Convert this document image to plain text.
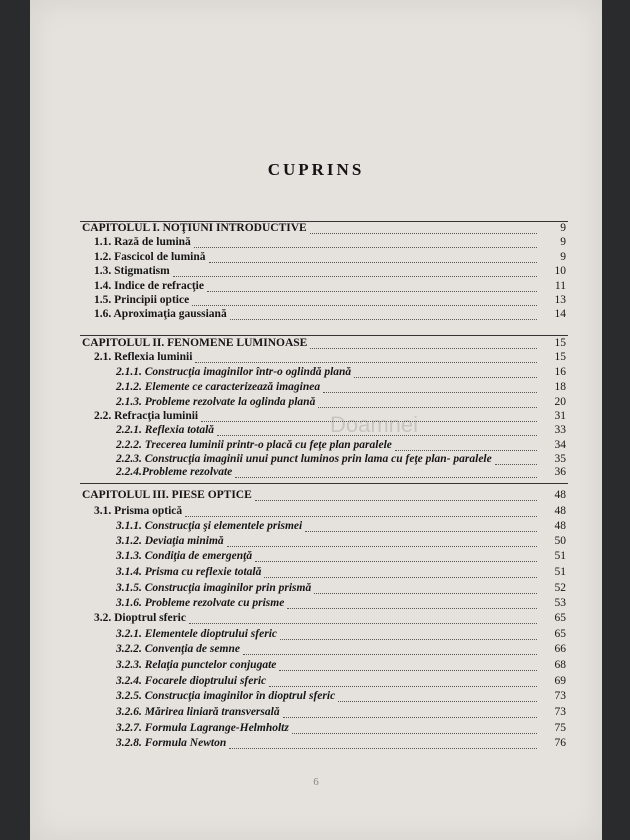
CUPRINS
Doamnei
CAPITOLUL I. NOŢIUNI INTRODUCTIVE	9
1.1. Rază de lumină	9
1.2. Fascicol de lumină	9
1.3. Stigmatism	10
1.4. Indice de refracţie	11
1.5. Principii optice	13
1.6. Aproximaţia gaussiană	14
CAPITOLUL II. FENOMENE LUMINOASE	15
2.1. Reflexia luminii	15
2.1.1. Construcţia imaginilor într-o oglindă plană	16
2.1.2. Elemente ce caracterizează imaginea	18
2.1.3. Probleme rezolvate la oglinda plană	20
2.2. Refracţia luminii	31
2.2.1. Reflexia totală	33
2.2.2. Trecerea luminii printr-o placă cu feţe plan paralele	34
2.2.3. Construcţia imaginii unui punct luminos prin lama cu feţe plan- paralele	35
2.2.4.Probleme rezolvate	36
CAPITOLUL III. PIESE OPTICE	48
3.1. Prisma optică	48
3.1.1. Construcţia şi elementele prismei	48
3.1.2. Deviaţia minimă	50
3.1.3. Condiţia de emergenţă	51
3.1.4. Prisma cu reflexie totală	51
3.1.5. Construcţia imaginilor prin prismă	52
3.1.6. Probleme rezolvate cu prisme	53
3.2. Dioptrul sferic	65
3.2.1. Elementele dioptrului sferic	65
3.2.2. Convenţia de semne	66
3.2.3. Relaţia punctelor conjugate	68
3.2.4. Focarele dioptrului sferic	69
3.2.5. Construcţia imaginilor în dioptrul sferic	73
3.2.6. Mărirea liniară transversală	73
3.2.7. Formula Lagrange-Helmholtz	75
3.2.8. Formula Newton	76
6
